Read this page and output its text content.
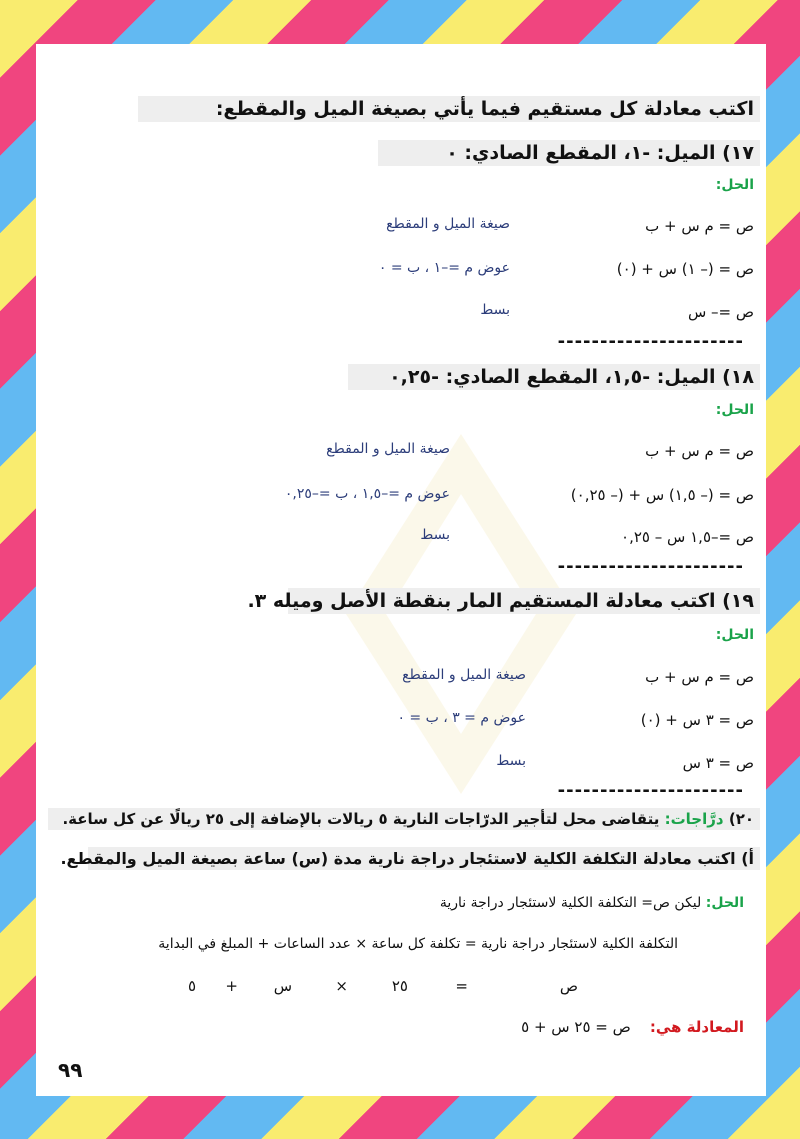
اكتب معادلة كل مستقيم فيما يأتي بصيغة الميل والمقطع:
١٧) الميل: -١، المقطع الصادي: ٠
الحل:
ص = م س + ب
صيغة الميل و المقطع
ص = (– ١) س + (٠)
عوض م =–١ ، ب = ٠
ص =– س
بسط
----------------------
١٨) الميل: -١,٥، المقطع الصادي: -٠,٢٥
الحل:
ص = م س + ب
صيغة الميل و المقطع
ص = (– ١,٥) س + (– ٠,٢٥)
عوض م =–١,٥ ، ب =–٠,٢٥
ص =–١,٥ س – ٠,٢٥
بسط
----------------------
١٩) اكتب معادلة المستقيم المار بنقطة الأصل وميله ٣.
الحل:
ص = م س + ب
صيغة الميل و المقطع
ص = ٣ س + (٠)
عوض م = ٣ ، ب = ٠
ص = ٣ س
بسط
----------------------
٢٠) درَّاجات: يتقاضى محل لتأجير الدرّاجات النارية ٥ ريالات بالإضافة إلى ٢٥ ريالًا عن كل ساعة.
أ) اكتب معادلة التكلفة الكلية لاستئجار دراجة نارية مدة (س) ساعة بصيغة الميل والمقطع.
الحل: ليكن ص= التكلفة الكلية لاستئجار دراجة نارية
التكلفة الكلية لاستئجار دراجة نارية = تكلفة كل ساعة × عدد الساعات + المبلغ في البداية
ص
=
٢٥
×
س
+
٥
المعادلة هي:    ص = ٢٥ س + ٥
٩٩
